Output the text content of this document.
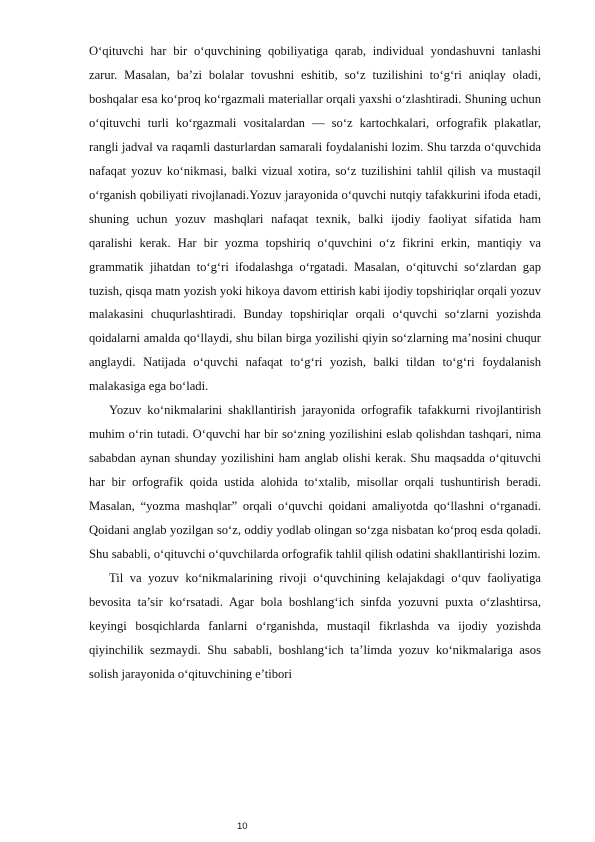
O‘qituvchi har bir o‘quvchining qobiliyatiga qarab, individual yondashuvni tanlashi zarur. Masalan, ba’zi bolalar tovushni eshitib, so‘z tuzilishini to‘g‘ri aniqlay oladi, boshqalar esa ko‘proq ko‘rgazmali materiallar orqali yaxshi o‘zlashtiradi. Shuning uchun o‘qituvchi turli ko‘rgazmali vositalardan — so‘z kartochkalari, orfografik plakatlar, rangli jadval va raqamli dasturlardan samarali foydalanishi lozim. Shu tarzda o‘quvchida nafaqat yozuv ko‘nikmasi, balki vizual xotira, so‘z tuzilishini tahlil qilish va mustaqil o‘rganish qobiliyati rivojlanadi.Yozuv jarayonida o‘quvchi nutqiy tafakkurini ifoda etadi, shuning uchun yozuv mashqlari nafaqat texnik, balki ijodiy faoliyat sifatida ham qaralishi kerak. Har bir yozma topshiriq o‘quvchini o‘z fikrini erkin, mantiqiy va grammatik jihatdan to‘g‘ri ifodalashga o‘rgatadi. Masalan, o‘qituvchi so‘zlardan gap tuzish, qisqa matn yozish yoki hikoya davom ettirish kabi ijodiy topshiriqlar orqali yozuv malakasini chuqurlashtiradi. Bunday topshiriqlar orqali o‘quvchi so‘zlarni yozishda qoidalarni amalda qo‘llaydi, shu bilan birga yozilishi qiyin so‘zlarning ma’nosini chuqur anglaydi. Natijada o‘quvchi nafaqat to‘g‘ri yozish, balki tildan to‘g‘ri foydalanish malakasiga ega bo‘ladi.

Yozuv ko‘nikmalarini shakllantirish jarayonida orfografik tafakkurni rivojlantirish muhim o‘rin tutadi. O‘quvchi har bir so‘zning yozilishini eslab qolishdan tashqari, nima sababdan aynan shunday yozilishini ham anglab olishi kerak. Shu maqsadda o‘qituvchi har bir orfografik qoida ustida alohida to‘xtalib, misollar orqali tushuntirish beradi. Masalan, “yozma mashqlar” orqali o‘quvchi qoidani amaliyotda qo‘llashni o‘rganadi. Qoidani anglab yozilgan so‘z, oddiy yodlab olingan so‘zga nisbatan ko‘proq esda qoladi. Shu sababli, o‘qituvchi o‘quvchilarda orfografik tahlil qilish odatini shakllantirishi lozim.

Til va yozuv ko‘nikmalarining rivoji o‘quvchining kelajakdagi o‘quv faoliyatiga bevosita ta’sir ko‘rsatadi. Agar bola boshlang‘ich sinfda yozuvni puxta o‘zlashtirsa, keyingi bosqichlarda fanlarni o‘rganishda, mustaqil fikrlashda va ijodiy yozishda qiyinchilik sezmaydi. Shu sababli, boshlang‘ich ta’limda yozuv ko‘nikmalariga asos solish jarayonida o‘qituvchining e’tibori

10
